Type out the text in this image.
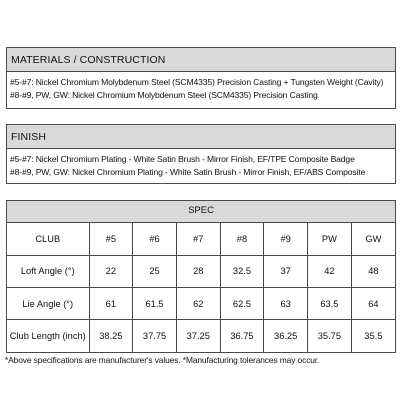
MATERIALS / CONSTRUCTION
#5-#7: Nickel Chromium Molybdenum Steel (SCM4335) Precision Casting + Tungsten Weight (Cavity)
#8-#9, PW, GW: Nickel Chromium Molybdenum Steel (SCM4335) Precision Casting
FINISH
#5-#7: Nickel Chromium Plating - White Satin Brush - Mirror Finish, EF/TPE Composite Badge
#8-#9, PW, GW: Nickel Chromium Plating - White Satin Brush - Mirror Finish, EF/ABS Composite
SPEC
CLUB	#5	#6	#7	#8	#9	PW	GW
Loft Angle (°)	22	25	28	32.5	37	42	48
Lie Angle (°)	61	61.5	62	62.5	63	63.5	64
Club Length (inch)	38.25	37.75	37.25	36.75	36.25	35.75	35.5
*Above specifications are manufacturer's values. *Manufacturing tolerances may occur.
